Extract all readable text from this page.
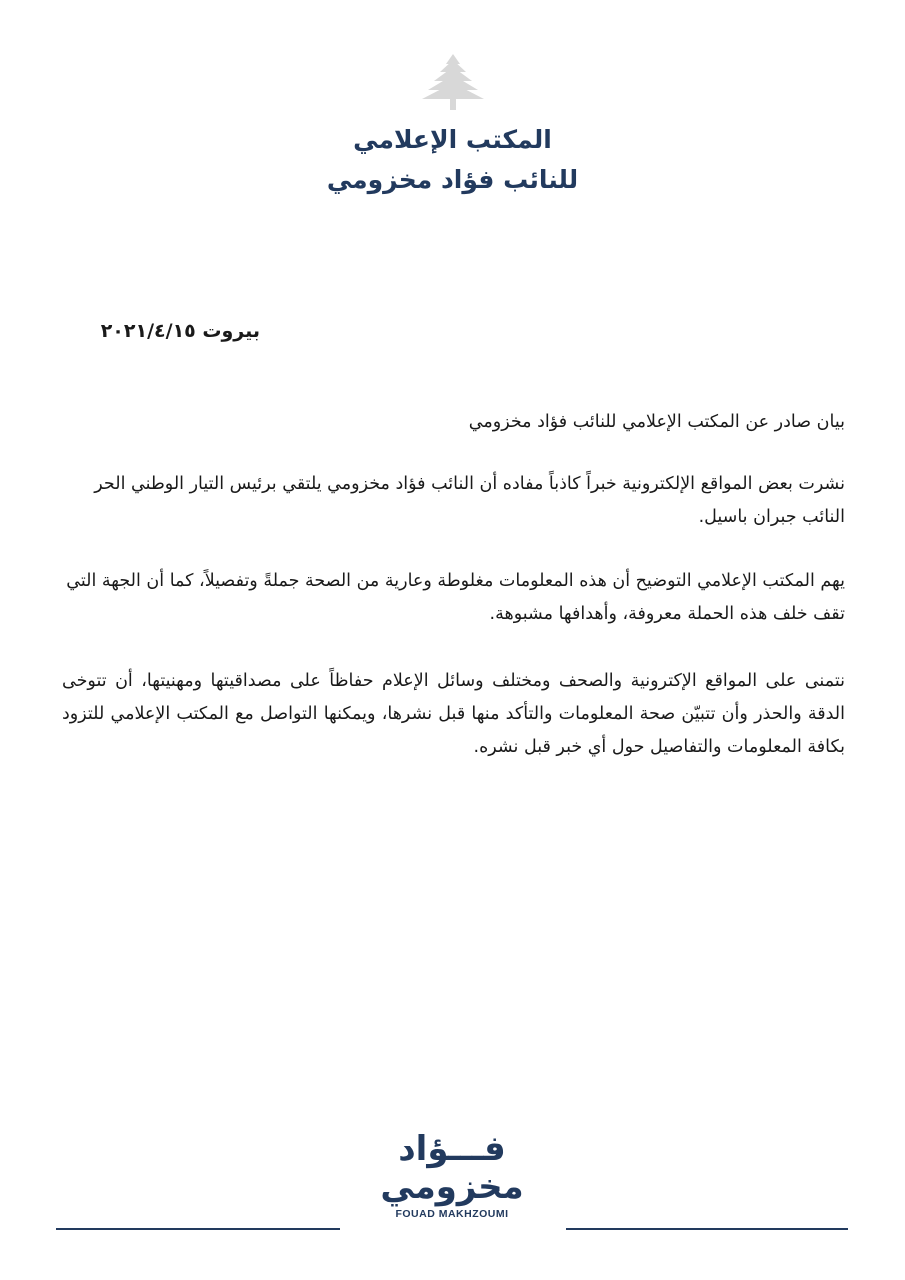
المكتب الإعلامي
للنائب فؤاد مخزومي
بيروت ٢٠٢١/٤/١٥
بيان صادر عن المكتب الإعلامي للنائب فؤاد مخزومي
نشرت بعض المواقع الإلكترونية خبراً كاذباً مفاده أن النائب فؤاد مخزومي يلتقي برئيس التيار الوطني الحر النائب جبران باسيل.
يهم المكتب الإعلامي التوضيح أن هذه المعلومات مغلوطة وعارية من الصحة جملةً وتفصيلاً، كما أن الجهة التي تقف خلف هذه الحملة معروفة، وأهدافها مشبوهة.
نتمنى على المواقع الإكترونية والصحف ومختلف وسائل الإعلام حفاظاً على مصداقيتها ومهنيتها، أن تتوخى الدقة والحذر وأن تتبيّن صحة المعلومات والتأكد منها قبل نشرها، ويمكنها التواصل مع المكتب الإعلامي للتزود بكافة المعلومات والتفاصيل حول أي خبر قبل نشره.
فـــؤاد
مخزومي
FOUAD MAKHZOUMI
